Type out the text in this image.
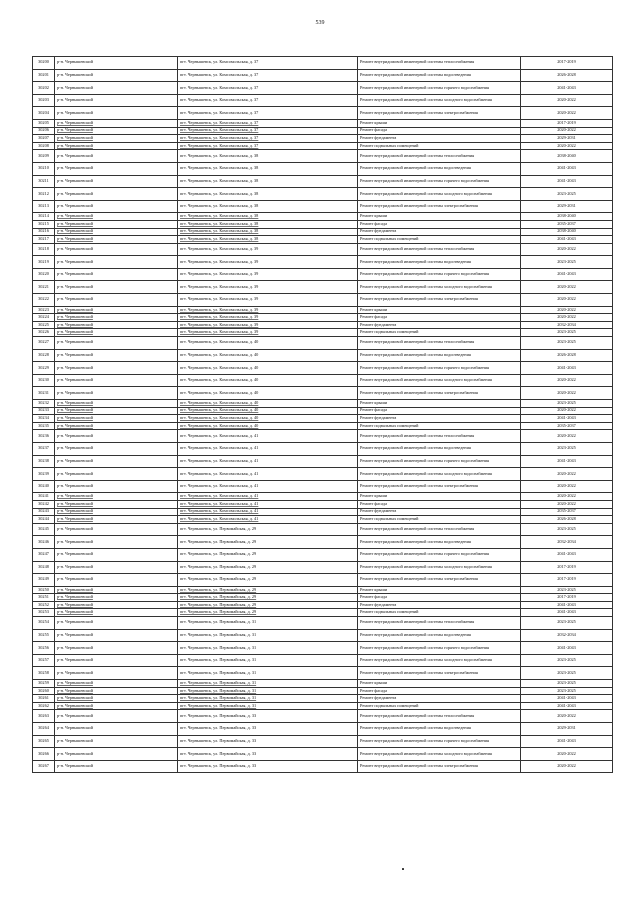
539
30200	р-н. Чернышевский	пгт. Чернышевск, ул. Комсомольская, д. 37	Ремонт внутридомовой инженерной системы теплоснабжения	2017-2019
30201	р-н. Чернышевский	пгт. Чернышевск, ул. Комсомольская, д. 37	Ремонт внутридомовой инженерной системы водоотведения	2026-2028
30202	р-н. Чернышевский	пгт. Чернышевск, ул. Комсомольская, д. 37	Ремонт внутридомовой инженерной системы горячего водоснабжения	2041-2043
30203	р-н. Чернышевский	пгт. Чернышевск, ул. Комсомольская, д. 37	Ремонт внутридомовой инженерной системы холодного водоснабжения	2020-2022
30204	р-н. Чернышевский	пгт. Чернышевск, ул. Комсомольская, д. 37	Ремонт внутридомовой инженерной системы электроснабжения	2020-2022
30205	р-н. Чернышевский	пгт. Чернышевск, ул. Комсомольская, д. 37	Ремонт крыши	2017-2019
30206	р-н. Чернышевский	пгт. Чернышевск, ул. Комсомольская, д. 37	Ремонт фасада	2020-2022
30207	р-н. Чернышевский	пгт. Чернышевск, ул. Комсомольская, д. 37	Ремонт фундамента	2029-2031
30208	р-н. Чернышевский	пгт. Чернышевск, ул. Комсомольская, д. 37	Ремонт подвальных помещений	2020-2022
30209	р-н. Чернышевский	пгт. Чернышевск, ул. Комсомольская, д. 38	Ремонт внутридомовой инженерной системы теплоснабжения	2038-2040
30210	р-н. Чернышевский	пгт. Чернышевск, ул. Комсомольская, д. 38	Ремонт внутридомовой инженерной системы водоотведения	2041-2043
30211	р-н. Чернышевский	пгт. Чернышевск, ул. Комсомольская, д. 38	Ремонт внутридомовой инженерной системы горячего водоснабжения	2041-2043
30212	р-н. Чернышевский	пгт. Чернышевск, ул. Комсомольская, д. 38	Ремонт внутридомовой инженерной системы холодного водоснабжения	2023-2025
30213	р-н. Чернышевский	пгт. Чернышевск, ул. Комсомольская, д. 38	Ремонт внутридомовой инженерной системы электроснабжения	2029-2031
30214	р-н. Чернышевский	пгт. Чернышевск, ул. Комсомольская, д. 38	Ремонт крыши	2038-2040
30215	р-н. Чернышевский	пгт. Чернышевск, ул. Комсомольская, д. 38	Ремонт фасада	2035-2037
30216	р-н. Чернышевский	пгт. Чернышевск, ул. Комсомольская, д. 38	Ремонт фундамента	2038-2040
30217	р-н. Чернышевский	пгт. Чернышевск, ул. Комсомольская, д. 38	Ремонт подвальных помещений	2041-2043
30218	р-н. Чернышевский	пгт. Чернышевск, ул. Комсомольская, д. 39	Ремонт внутридомовой инженерной системы теплоснабжения	2020-2022
30219	р-н. Чернышевский	пгт. Чернышевск, ул. Комсомольская, д. 39	Ремонт внутридомовой инженерной системы водоотведения	2023-2025
30220	р-н. Чернышевский	пгт. Чернышевск, ул. Комсомольская, д. 39	Ремонт внутридомовой инженерной системы горячего водоснабжения	2041-2043
30221	р-н. Чернышевский	пгт. Чернышевск, ул. Комсомольская, д. 39	Ремонт внутридомовой инженерной системы холодного водоснабжения	2020-2022
30222	р-н. Чернышевский	пгт. Чернышевск, ул. Комсомольская, д. 39	Ремонт внутридомовой инженерной системы электроснабжения	2020-2022
30223	р-н. Чернышевский	пгт. Чернышевск, ул. Комсомольская, д. 39	Ремонт крыши	2020-2022
30224	р-н. Чернышевский	пгт. Чернышевск, ул. Комсомольская, д. 39	Ремонт фасада	2020-2022
30225	р-н. Чернышевский	пгт. Чернышевск, ул. Комсомольская, д. 39	Ремонт фундамента	2032-2034
30226	р-н. Чернышевский	пгт. Чернышевск, ул. Комсомольская, д. 39	Ремонт подвальных помещений	2023-2025
30227	р-н. Чернышевский	пгт. Чернышевск, ул. Комсомольская, д. 40	Ремонт внутридомовой инженерной системы теплоснабжения	2023-2025
30228	р-н. Чернышевский	пгт. Чернышевск, ул. Комсомольская, д. 40	Ремонт внутридомовой инженерной системы водоотведения	2026-2028
30229	р-н. Чернышевский	пгт. Чернышевск, ул. Комсомольская, д. 40	Ремонт внутридомовой инженерной системы горячего водоснабжения	2041-2043
30230	р-н. Чернышевский	пгт. Чернышевск, ул. Комсомольская, д. 40	Ремонт внутридомовой инженерной системы холодного водоснабжения	2020-2022
30231	р-н. Чернышевский	пгт. Чернышевск, ул. Комсомольская, д. 40	Ремонт внутридомовой инженерной системы электроснабжения	2020-2022
30232	р-н. Чернышевский	пгт. Чернышевск, ул. Комсомольская, д. 40	Ремонт крыши	2023-2025
30233	р-н. Чернышевский	пгт. Чернышевск, ул. Комсомольская, д. 40	Ремонт фасада	2020-2022
30234	р-н. Чернышевский	пгт. Чернышевск, ул. Комсомольская, д. 40	Ремонт фундамента	2041-2043
30235	р-н. Чернышевский	пгт. Чернышевск, ул. Комсомольская, д. 40	Ремонт подвальных помещений	2035-2037
30236	р-н. Чернышевский	пгт. Чернышевск, ул. Комсомольская, д. 41	Ремонт внутридомовой инженерной системы теплоснабжения	2020-2022
30237	р-н. Чернышевский	пгт. Чернышевск, ул. Комсомольская, д. 41	Ремонт внутридомовой инженерной системы водоотведения	2023-2025
30238	р-н. Чернышевский	пгт. Чернышевск, ул. Комсомольская, д. 41	Ремонт внутридомовой инженерной системы горячего водоснабжения	2041-2043
30239	р-н. Чернышевский	пгт. Чернышевск, ул. Комсомольская, д. 41	Ремонт внутридомовой инженерной системы холодного водоснабжения	2020-2022
30240	р-н. Чернышевский	пгт. Чернышевск, ул. Комсомольская, д. 41	Ремонт внутридомовой инженерной системы электроснабжения	2020-2022
30241	р-н. Чернышевский	пгт. Чернышевск, ул. Комсомольская, д. 41	Ремонт крыши	2020-2022
30242	р-н. Чернышевский	пгт. Чернышевск, ул. Комсомольская, д. 41	Ремонт фасада	2020-2022
30243	р-н. Чернышевский	пгт. Чернышевск, ул. Комсомольская, д. 41	Ремонт фундамента	2035-2037
30244	р-н. Чернышевский	пгт. Чернышевск, ул. Комсомольская, д. 41	Ремонт подвальных помещений	2026-2028
30245	р-н. Чернышевский	пгт. Чернышевск, ул. Первомайская, д. 29	Ремонт внутридомовой инженерной системы теплоснабжения	2023-2025
30246	р-н. Чернышевский	пгт. Чернышевск, ул. Первомайская, д. 29	Ремонт внутридомовой инженерной системы водоотведения	2032-2034
30247	р-н. Чернышевский	пгт. Чернышевск, ул. Первомайская, д. 29	Ремонт внутридомовой инженерной системы горячего водоснабжения	2041-2043
30248	р-н. Чернышевский	пгт. Чернышевск, ул. Первомайская, д. 29	Ремонт внутридомовой инженерной системы холодного водоснабжения	2017-2019
30249	р-н. Чернышевский	пгт. Чернышевск, ул. Первомайская, д. 29	Ремонт внутридомовой инженерной системы электроснабжения	2017-2019
30250	р-н. Чернышевский	пгт. Чернышевск, ул. Первомайская, д. 29	Ремонт крыши	2023-2025
30251	р-н. Чернышевский	пгт. Чернышевск, ул. Первомайская, д. 29	Ремонт фасада	2017-2019
30252	р-н. Чернышевский	пгт. Чернышевск, ул. Первомайская, д. 29	Ремонт фундамента	2041-2043
30253	р-н. Чернышевский	пгт. Чернышевск, ул. Первомайская, д. 29	Ремонт подвальных помещений	2041-2043
30254	р-н. Чернышевский	пгт. Чернышевск, ул. Первомайская, д. 31	Ремонт внутридомовой инженерной системы теплоснабжения	2023-2025
30255	р-н. Чернышевский	пгт. Чернышевск, ул. Первомайская, д. 31	Ремонт внутридомовой инженерной системы водоотведения	2032-2034
30256	р-н. Чернышевский	пгт. Чернышевск, ул. Первомайская, д. 31	Ремонт внутридомовой инженерной системы горячего водоснабжения	2041-2043
30257	р-н. Чернышевский	пгт. Чернышевск, ул. Первомайская, д. 31	Ремонт внутридомовой инженерной системы холодного водоснабжения	2023-2025
30258	р-н. Чернышевский	пгт. Чернышевск, ул. Первомайская, д. 31	Ремонт внутридомовой инженерной системы электроснабжения	2023-2025
30259	р-н. Чернышевский	пгт. Чернышевск, ул. Первомайская, д. 31	Ремонт крыши	2023-2025
30260	р-н. Чернышевский	пгт. Чернышевск, ул. Первомайская, д. 31	Ремонт фасада	2023-2025
30261	р-н. Чернышевский	пгт. Чернышевск, ул. Первомайская, д. 31	Ремонт фундамента	2041-2043
30262	р-н. Чернышевский	пгт. Чернышевск, ул. Первомайская, д. 31	Ремонт подвальных помещений	2041-2043
30263	р-н. Чернышевский	пгт. Чернышевск, ул. Первомайская, д. 33	Ремонт внутридомовой инженерной системы теплоснабжения	2020-2022
30264	р-н. Чернышевский	пгт. Чернышевск, ул. Первомайская, д. 33	Ремонт внутридомовой инженерной системы водоотведения	2029-2031
30265	р-н. Чернышевский	пгт. Чернышевск, ул. Первомайская, д. 33	Ремонт внутридомовой инженерной системы горячего водоснабжения	2041-2043
30266	р-н. Чернышевский	пгт. Чернышевск, ул. Первомайская, д. 33	Ремонт внутридомовой инженерной системы холодного водоснабжения	2020-2022
30267	р-н. Чернышевский	пгт. Чернышевск, ул. Первомайская, д. 33	Ремонт внутридомовой инженерной системы электроснабжения	2020-2022
